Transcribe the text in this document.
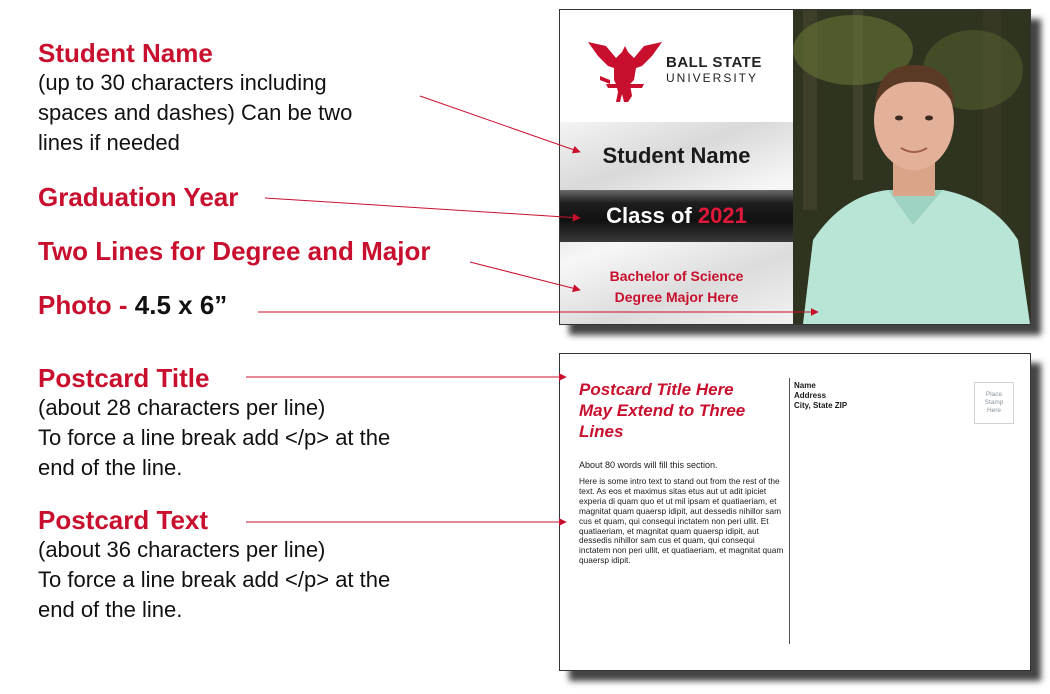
Student Name
(up to 30 characters including
spaces and dashes) Can be two
lines if needed
Graduation Year
Two Lines for Degree and Major
Photo - 4.5 x 6”
Postcard Title
(about 28 characters per line)
To force a line break add </p> at the
end of the line.
Postcard Text
(about 36 characters per line)
To force a line break add </p> at the
end of the line.
BALL STATE
UNIVERSITY
Student Name
Class of 2021
Bachelor of Science
Degree Major Here
Postcard Title Here
May Extend to Three
Lines
About 80 words will fill this section.
Here is some intro text to stand out from the rest of the text. As eos et maximus sitas etus aut ut adit ipiciet experia di quam quo et ut mil ipsam et quatiaeriam, et magnitat quam quaersp idipit, aut dessedis nihillor sam cus et quam, qui consequi inctatem non peri ullit. Et quatiaeriam, et magnitat quam quaersp idipit, aut dessedis nihillor sam cus et quam, qui consequi inctatem non peri ullit, et quatiaeriam, et magnitat quam quaersp idipit.
Name
Address
City, State ZIP
Place
Stamp
Here
